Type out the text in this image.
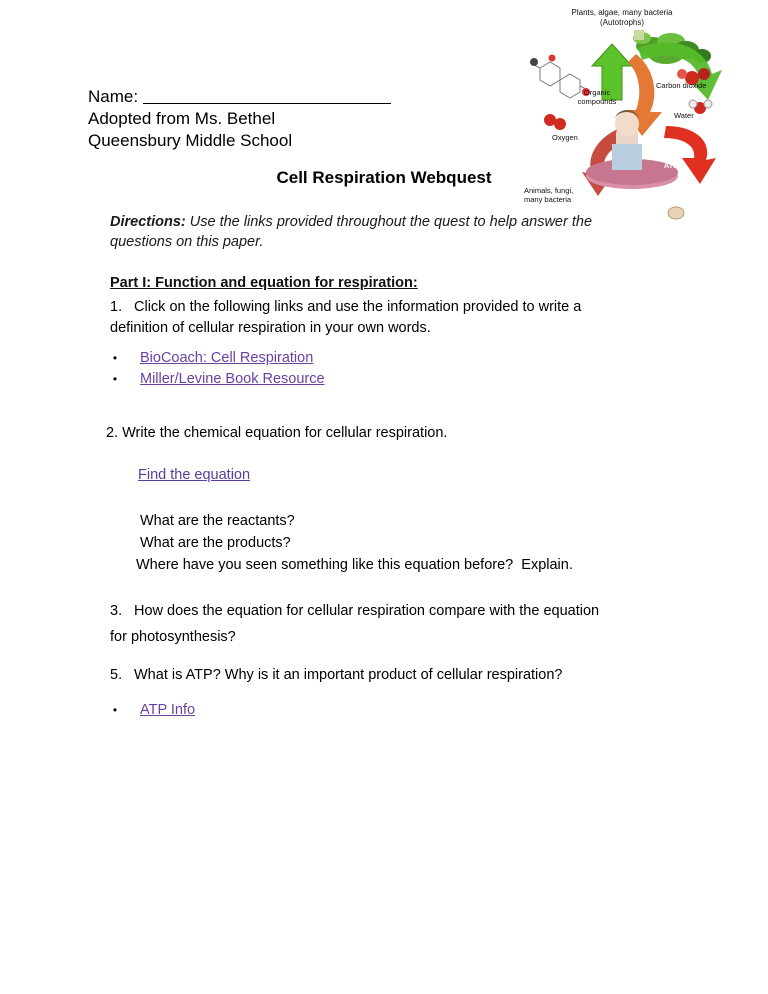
Plants, algae, many bacteria
(Autotrophs)
Organic compounds
Carbon dioxide
Water
Oxygen
ATP
Animals, fungi,
many bacteria
Name:
Adopted from Ms. Bethel
Queensbury Middle School
Cell Respiration Webquest
Directions: Use the links provided throughout the quest to help answer the questions on this paper.
Part I: Function and equation for respiration:
1. Click on the following links and use the information provided to write a definition of cellular respiration in your own words.
• BioCoach: Cell Respiration
• Miller/Levine Book Resource
2. Write the chemical equation for cellular respiration.
Find the equation
What are the reactants?
What are the products?
Where have you seen something like this equation before?  Explain.
3. How does the equation for cellular respiration compare with the equation for photosynthesis?
5. What is ATP? Why is it an important product of cellular respiration?
• ATP Info
